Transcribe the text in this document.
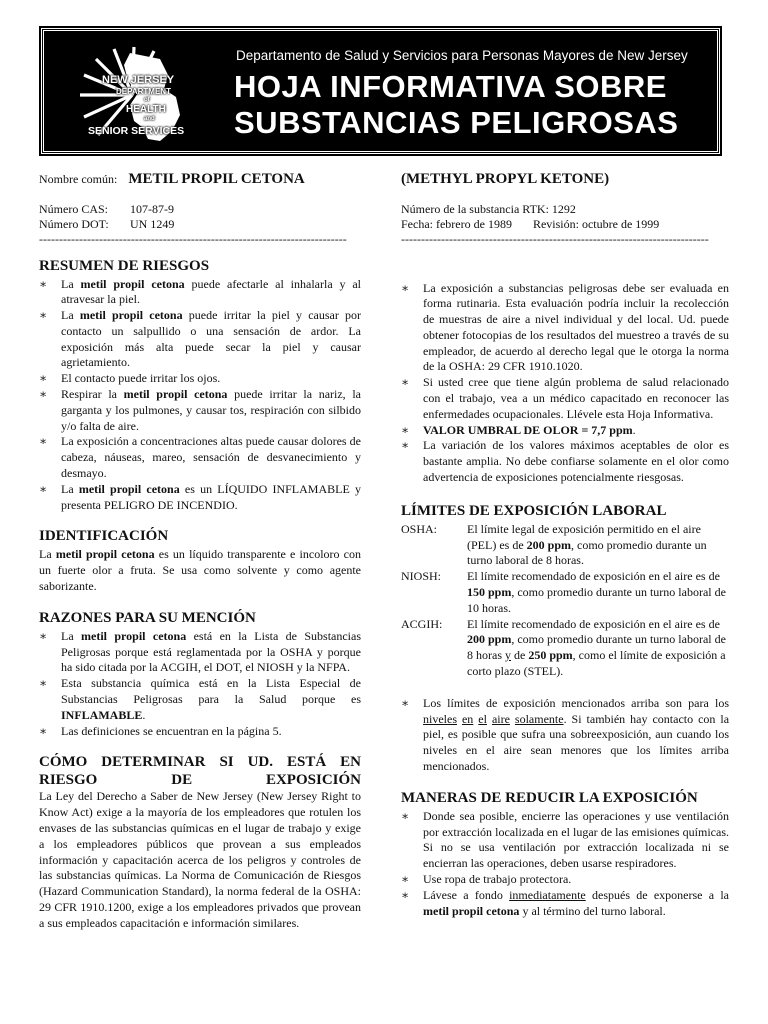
NEW JERSEY
DEPARTMENT
of
HEALTH
and
SENIOR SERVICES
Departamento de Salud y Servicios para Personas Mayores de New Jersey
HOJA INFORMATIVA SOBRE
SUBSTANCIAS PELIGROSAS
Nombre común: METIL PROPIL CETONA
Número CAS:	107-87-9
Número DOT:	UN 1249
-----------------------------------------------------------------------------
RESUMEN DE RIESGOS
∗ La metil propil cetona puede afectarle al inhalarla y al atravesar la piel.
∗ La metil propil cetona puede irritar la piel y causar por contacto un salpullido o una sensación de ardor. La exposición más alta puede secar la piel y causar agrietamiento.
∗ El contacto puede irritar los ojos.
∗ Respirar la metil propil cetona puede irritar la nariz, la garganta y los pulmones, y causar tos, respiración con silbido y/o falta de aire.
∗ La exposición a concentraciones altas puede causar dolores de cabeza, náuseas, mareo, sensación de desvanecimiento y desmayo.
∗ La metil propil cetona es un LÍQUIDO INFLAMABLE y presenta PELIGRO DE INCENDIO.
IDENTIFICACIÓN

La metil propil cetona es un líquido transparente e incoloro con un fuerte olor a fruta. Se usa como solvente y como agente saborizante.

RAZONES PARA SU MENCIÓN
∗ La metil propil cetona está en la Lista de Substancias Peligrosas porque está reglamentada por la OSHA y porque ha sido citada por la ACGIH, el DOT, el NIOSH y la NFPA.
∗ Esta substancia química está en la Lista Especial de Substancias Peligrosas para la Salud porque es INFLAMABLE.
∗ Las definiciones se encuentran en la página 5.
CÓMO DETERMINAR SI UD. ESTÁ EN RIESGO DE EXPOSICIÓN

La Ley del Derecho a Saber de New Jersey (New Jersey Right to Know Act) exige a la mayoría de los empleadores que rotulen los envases de las substancias químicas en el lugar de trabajo y exige a los empleadores públicos que provean a sus empleados información y capacitación acerca de los peligros y controles de las substancias químicas. La Norma de Comunicación de Riesgos (Hazard Communication Standard), la norma federal de la OSHA: 29 CFR 1910.1200, exige a los empleadores privados que provean a sus empleados capacitación e información similares.

(METHYL PROPYL KETONE)
Número de la substancia RTK: 1292
Fecha: febrero de 1989 Revisión: octubre de 1999
-----------------------------------------------------------------------------
∗ La exposición a substancias peligrosas debe ser evaluada en forma rutinaria. Esta evaluación podría incluir la recolección de muestras de aire a nivel individual y del local. Ud. puede obtener fotocopias de los resultados del muestreo a través de su empleador, de acuerdo al derecho legal que le otorga la norma de la OSHA: 29 CFR 1910.1020.
∗ Si usted cree que tiene algún problema de salud relacionado con el trabajo, vea a un médico capacitado en reconocer las enfermedades ocupacionales. Llévele esta Hoja Informativa.
∗ VALOR UMBRAL DE OLOR = 7,7 ppm.
∗ La variación de los valores máximos aceptables de olor es bastante amplia. No debe confiarse solamente en el olor como advertencia de exposiciones potencialmente riesgosas.
LÍMITES DE EXPOSICIÓN LABORAL
OSHA:	El límite legal de exposición permitido en el aire (PEL) es de 200 ppm, como promedio durante un turno laboral de 8 horas.
NIOSH:	El límite recomendado de exposición en el aire es de 150 ppm, como promedio durante un turno laboral de 10 horas.
ACGIH:	El límite recomendado de exposición en el aire es de 200 ppm, como promedio durante un turno laboral de 8 horas y de 250 ppm, como el límite de exposición a corto plazo (STEL).
∗ Los límites de exposición mencionados arriba son para los niveles en el aire solamente. Si también hay contacto con la piel, es posible que sufra una sobreexposición, aun cuando los niveles en el aire sean menores que los límites arriba mencionados.
MANERAS DE REDUCIR LA EXPOSICIÓN
∗ Donde sea posible, encierre las operaciones y use ventilación por extracción localizada en el lugar de las emisiones químicas. Si no se usa ventilación por extracción localizada ni se encierran las operaciones, deben usarse respiradores.
∗ Use ropa de trabajo protectora.
∗ Lávese a fondo inmediatamente después de exponerse a la metil propil cetona y al término del turno laboral.
